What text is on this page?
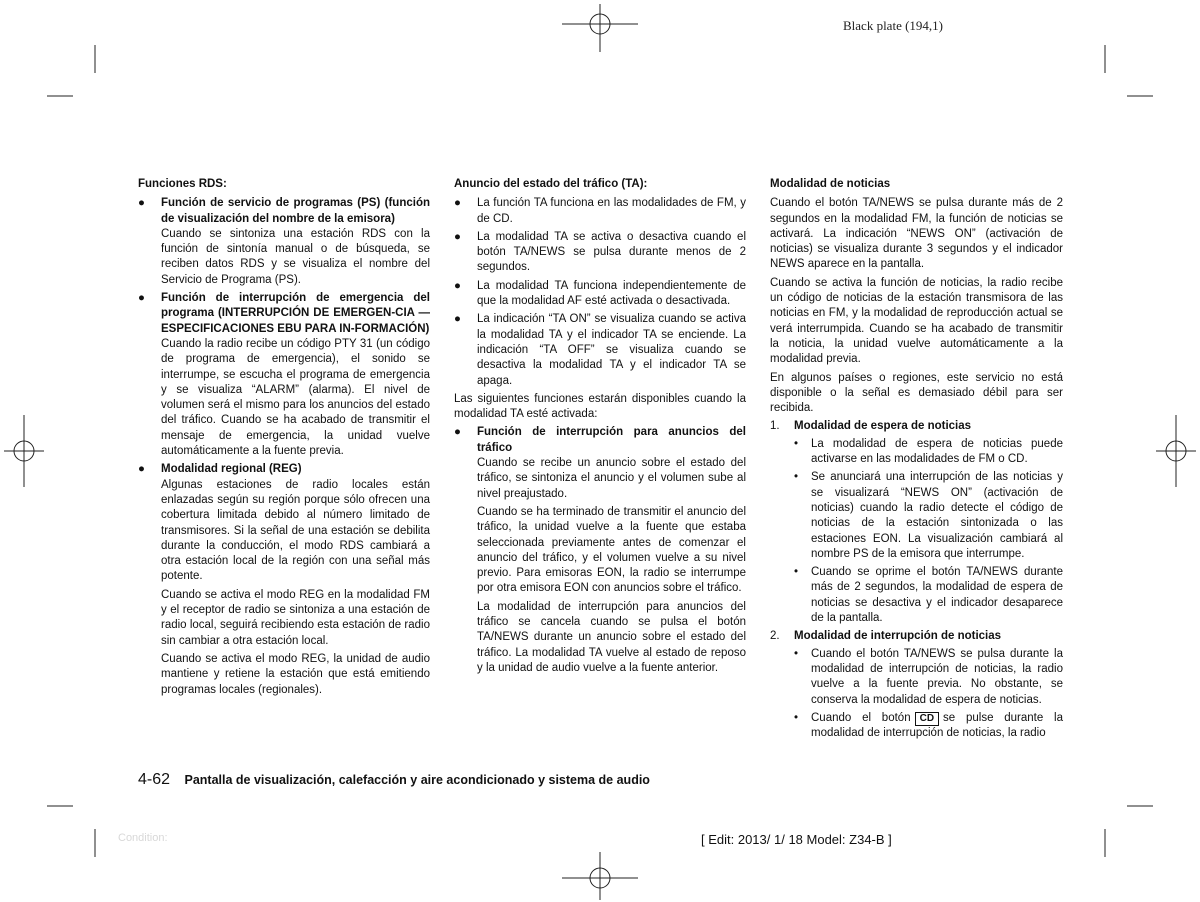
Black plate (194,1)

Funciones RDS:

● Función de servicio de programas (PS) (función de visualización del nombre de la emisora)

Cuando se sintoniza una estación RDS con la función de sintonía manual o de búsqueda, se reciben datos RDS y se visualiza el nombre del Servicio de Programa (PS).

● Función de interrupción de emergencia del programa (INTERRUPCIÓN DE EMERGEN-CIA — ESPECIFICACIONES EBU PARA IN-FORMACIÓN)

Cuando la radio recibe un código PTY 31 (un código de programa de emergencia), el sonido se interrumpe, se escucha el programa de emergencia y se visualiza “ALARM” (alarma). El nivel de volumen será el mismo para los anuncios del estado del tráfico. Cuando se ha acabado de transmitir el mensaje de emergencia, la unidad vuelve automáticamente a la fuente previa.

● Modalidad regional (REG)

Algunas estaciones de radio locales están enlazadas según su región porque sólo ofrecen una cobertura limitada debido al número limitado de transmisores. Si la señal de una estación se debilita durante la conducción, el modo RDS cambiará a otra estación local de la región con una señal más potente.

Cuando se activa el modo REG en la modalidad FM y el receptor de radio se sintoniza a una estación de radio local, seguirá recibiendo esta estación de radio sin cambiar a otra estación local.

Cuando se activa el modo REG, la unidad de audio mantiene y retiene la estación que está emitiendo programas locales (regionales).

Anuncio del estado del tráfico (TA):

● La función TA funciona en las modalidades de FM, y de CD.

● La modalidad TA se activa o desactiva cuando el botón TA/NEWS se pulsa durante menos de 2 segundos.

● La modalidad TA funciona independientemente de que la modalidad AF esté activada o desactivada.

● La indicación “TA ON” se visualiza cuando se activa la modalidad TA y el indicador TA se enciende. La indicación “TA OFF” se visualiza cuando se desactiva la modalidad TA y el indicador TA se apaga.

Las siguientes funciones estarán disponibles cuando la modalidad TA esté activada:

● Función de interrupción para anuncios del tráfico

Cuando se recibe un anuncio sobre el estado del tráfico, se sintoniza el anuncio y el volumen sube al nivel preajustado.

Cuando se ha terminado de transmitir el anuncio del tráfico, la unidad vuelve a la fuente que estaba seleccionada previamente antes de comenzar el anuncio del tráfico, y el volumen vuelve a su nivel previo. Para emisoras EON, la radio se interrumpe por otra emisora EON con anuncios sobre el tráfico.

La modalidad de interrupción para anuncios del tráfico se cancela cuando se pulsa el botón TA/NEWS durante un anuncio sobre el estado del tráfico. La modalidad TA vuelve al estado de reposo y la unidad de audio vuelve a la fuente anterior.

Modalidad de noticias

Cuando el botón TA/NEWS se pulsa durante más de 2 segundos en la modalidad FM, la función de noticias se activará. La indicación “NEWS ON” (activación de noticias) se visualiza durante 3 segundos y el indicador NEWS aparece en la pantalla.

Cuando se activa la función de noticias, la radio recibe un código de noticias de la estación transmisora de las noticias en FM, y la modalidad de reproducción actual se verá interrumpida. Cuando se ha acabado de transmitir la noticia, la unidad vuelve automáticamente a la modalidad previa.

En algunos países o regiones, este servicio no está disponible o la señal es demasiado débil para ser recibida.

1. Modalidad de espera de noticias
• La modalidad de espera de noticias puede activarse en las modalidades de FM o CD.
• Se anunciará una interrupción de las noticias y se visualizará “NEWS ON” (activación de noticias) cuando la radio detecte el código de noticias de la estación sintonizada o las estaciones EON. La visualización cambiará al nombre PS de la emisora que interrumpe.
• Cuando se oprime el botón TA/NEWS durante más de 2 segundos, la modalidad de espera de noticias se desactiva y el indicador desaparece de la pantalla.
2. Modalidad de interrupción de noticias
• Cuando el botón TA/NEWS se pulsa durante la modalidad de interrupción de noticias, la radio vuelve a la fuente previa. No obstante, se conserva la modalidad de espera de noticias.
• Cuando el botón CD se pulse durante la modalidad de interrupción de noticias, la radio
4-62 Pantalla de visualización, calefacción y aire acondicionado y sistema de audio
Condition:	[ Edit: 2013/ 1/ 18 Model: Z34-B ]
